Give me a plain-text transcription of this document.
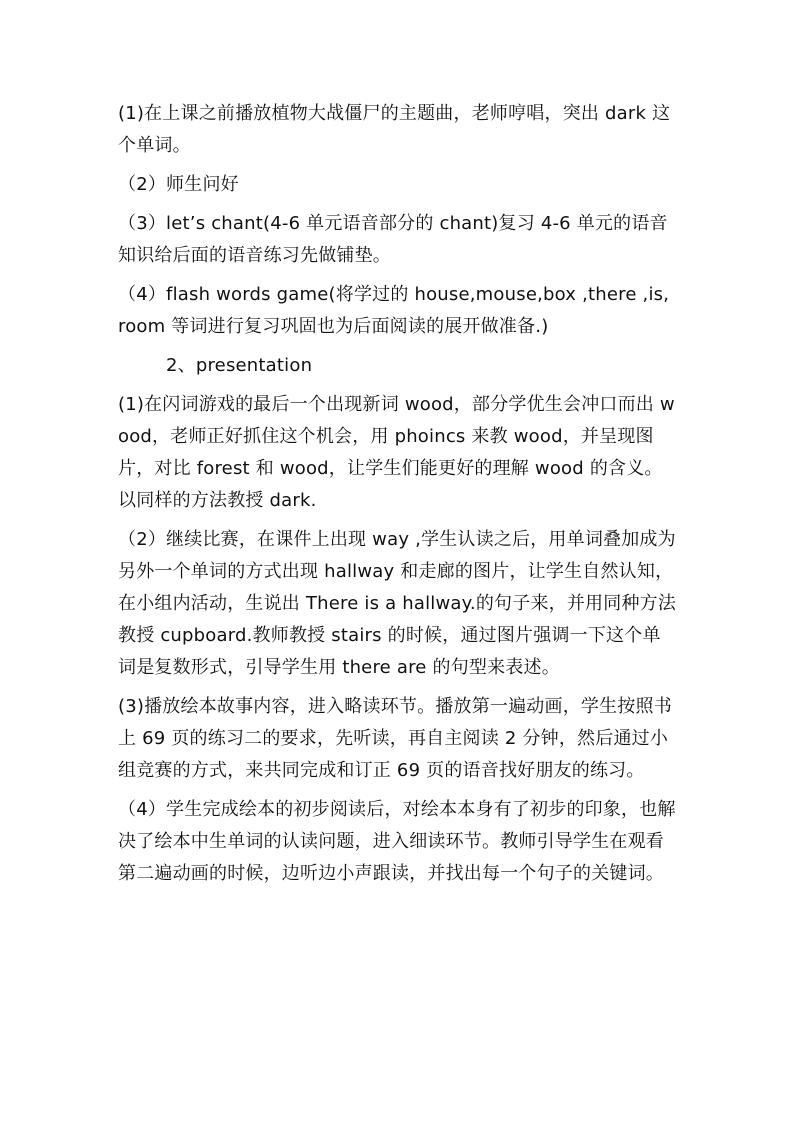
(1)在上课之前播放植物大战僵尸的主题曲，老师哼唱，突出 dark 这个单词。

（2）师生问好

（3）let’s chant(4-6 单元语音部分的 chant)复习 4-6 单元的语音知识给后面的语音练习先做铺垫。

（4）flash words game(将学过的 house,mouse,box ,there ,is, room 等词进行复习巩固也为后面阅读的展开做准备.)

2、presentation

(1)在闪词游戏的最后一个出现新词 wood，部分学优生会冲口而出 wood，老师正好抓住这个机会，用 phoincs 来教 wood，并呈现图片，对比 forest 和 wood，让学生们能更好的理解 wood 的含义。以同样的方法教授 dark.

（2）继续比赛，在课件上出现 way ,学生认读之后，用单词叠加成为另外一个单词的方式出现 hallway 和走廊的图片，让学生自然认知，在小组内活动，生说出 There is a hallway.的句子来，并用同种方法教授 cupboard.教师教授 stairs 的时候，通过图片强调一下这个单词是复数形式，引导学生用 there are 的句型来表述。

(3)播放绘本故事内容，进入略读环节。播放第一遍动画，学生按照书上 69 页的练习二的要求，先听读，再自主阅读 2 分钟，然后通过小组竞赛的方式，来共同完成和订正 69 页的语音找好朋友的练习。

（4）学生完成绘本的初步阅读后，对绘本本身有了初步的印象，也解决了绘本中生单词的认读问题，进入细读环节。教师引导学生在观看第二遍动画的时候，边听边小声跟读，并找出每一个句子的关键词。
